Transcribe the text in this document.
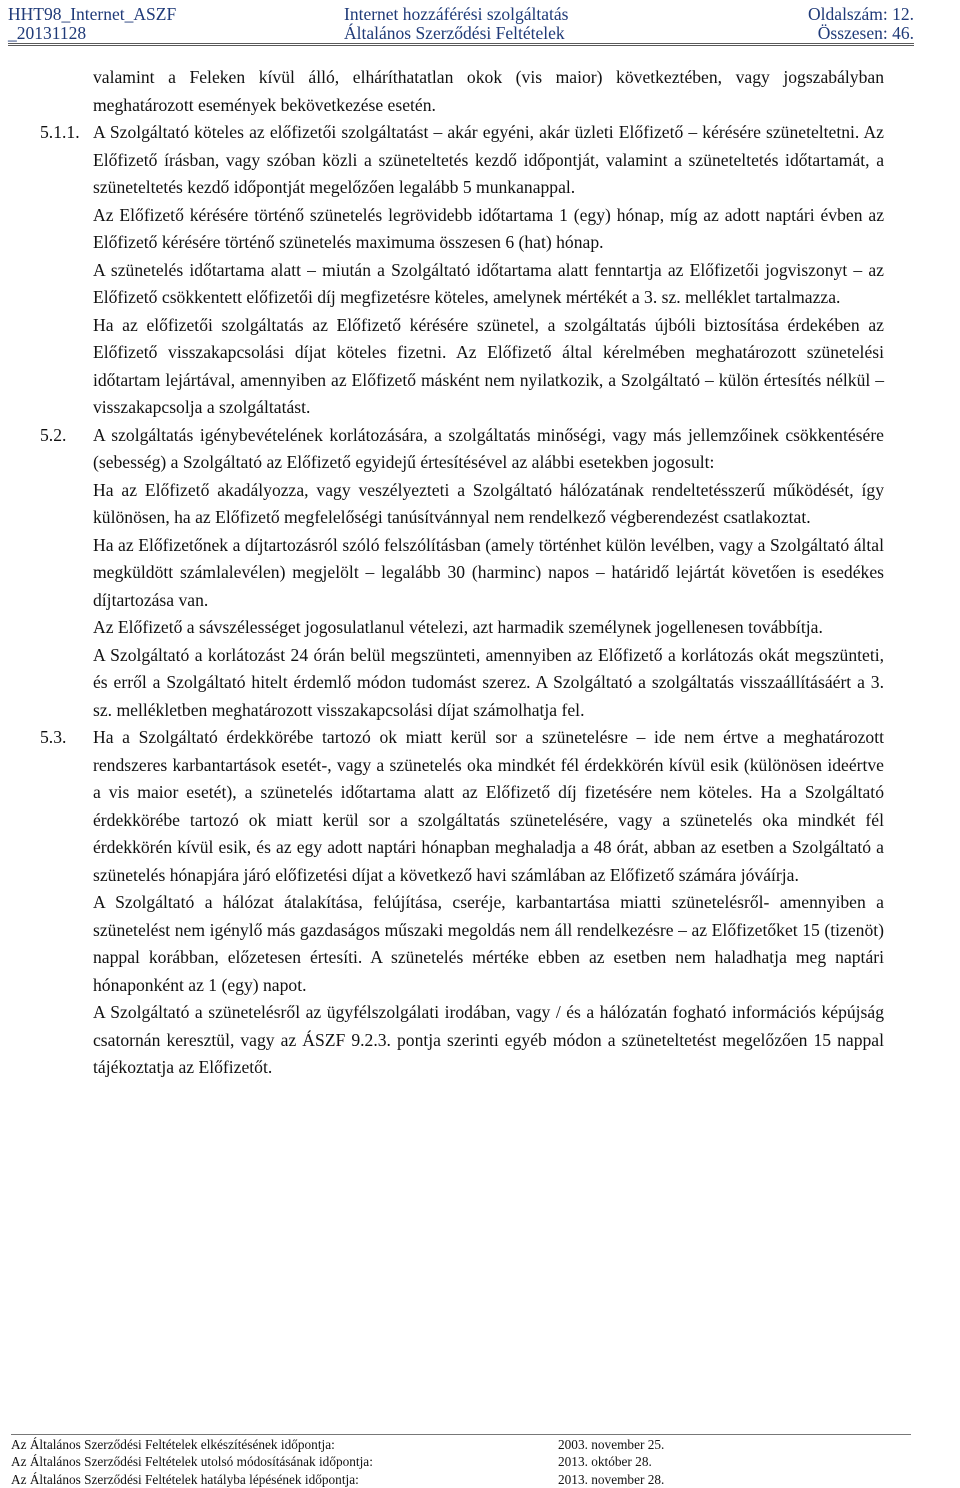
HHT98_Internet_ASZF
_20131128
Internet hozzáférési szolgáltatás
Általános Szerződési Feltételek
Oldalszám: 12.
Összesen: 46.

valamint a Feleken kívül álló, elháríthatatlan okok (vis maior) következtében, vagy jogszabályban meghatározott események bekövetkezése esetén.

5.1.1. A Szolgáltató köteles az előfizetői szolgáltatást – akár egyéni, akár üzleti Előfizető – kérésére szüneteltetni. Az Előfizető írásban, vagy szóban közli a szüneteltetés kezdő időpontját, valamint a szüneteltetés időtartamát, a szüneteltetés kezdő időpontját megelőzően legalább 5 munkanappal.

Az Előfizető kérésére történő szünetelés legrövidebb időtartama 1 (egy) hónap, míg az adott naptári évben az Előfizető kérésére történő szünetelés maximuma összesen 6 (hat) hónap.

A szünetelés időtartama alatt – miután a Szolgáltató időtartama alatt fenntartja az Előfizetői jogviszonyt – az Előfizető csökkentett előfizetői díj megfizetésre köteles, amelynek mértékét a 3. sz. melléklet tartalmazza.

Ha az előfizetői szolgáltatás az Előfizető kérésére szünetel, a szolgáltatás újbóli biztosítása érdekében az Előfizető visszakapcsolási díjat köteles fizetni. Az Előfizető által kérelmében meghatározott szünetelési időtartam lejártával, amennyiben az Előfizető másként nem nyilatkozik, a Szolgáltató – külön értesítés nélkül – visszakapcsolja a szolgáltatást.

5.2.	A szolgáltatás igénybevételének korlátozására, a szolgáltatás minőségi, vagy más jellemzőinek csökkentésére (sebesség) a Szolgáltató az Előfizető egyidejű értesítésével az alábbi esetekben jogosult:

Ha az Előfizető akadályozza, vagy veszélyezteti a Szolgáltató hálózatának rendeltetésszerű működését, így különösen, ha az Előfizető megfelelőségi tanúsítvánnyal nem rendelkező végberendezést csatlakoztat.

Ha az Előfizetőnek a díjtartozásról szóló felszólításban (amely történhet külön levélben, vagy a Szolgáltató által megküldött számlalevélen) megjelölt – legalább 30 (harminc) napos – határidő lejártát követően is esedékes díjtartozása van.

Az Előfizető a sávszélességet jogosulatlanul vételezi, azt harmadik személynek jogellenesen továbbítja.

A Szolgáltató a korlátozást 24 órán belül megszünteti, amennyiben az Előfizető a korlátozás okát megszünteti, és erről a Szolgáltató hitelt érdemlő módon tudomást szerez. A Szolgáltató a szolgáltatás visszaállításáért a 3. sz. mellékletben meghatározott visszakapcsolási díjat számolhatja fel.

5.3.	Ha a Szolgáltató érdekkörébe tartozó ok miatt kerül sor a szünetelésre – ide nem értve a meghatározott rendszeres karbantartások esetét-, vagy a szünetelés oka mindkét fél érdekkörén kívül esik (különösen ideértve a vis maior esetét), a szünetelés időtartama alatt az Előfizető díj fizetésére nem köteles. Ha a Szolgáltató érdekkörébe tartozó ok miatt kerül sor a szolgáltatás szünetelésére, vagy a szünetelés oka mindkét fél érdekkörén kívül esik, és az egy adott naptári hónapban meghaladja a 48 órát, abban az esetben a Szolgáltató a szünetelés hónapjára járó előfizetési díjat a következő havi számlában az Előfizető számára jóváírja.

A Szolgáltató a hálózat átalakítása, felújítása, cseréje, karbantartása miatti szünetelésről- amennyiben a szünetelést nem igénylő más gazdaságos műszaki megoldás nem áll rendelkezésre – az Előfizetőket 15 (tizenöt) nappal korábban, előzetesen értesíti. A szünetelés mértéke ebben az esetben nem haladhatja meg naptári hónaponként az 1 (egy) napot.

A Szolgáltató a szünetelésről az ügyfélszolgálati irodában, vagy / és a hálózatán fogható információs képújság csatornán keresztül, vagy az ÁSZF 9.2.3. pontja szerinti egyéb módon a szüneteltetést megelőzően 15 nappal tájékoztatja az Előfizetőt.

Az Általános Szerződési Feltételek elkészítésének időpontja:	2003. november 25.
Az Általános Szerződési Feltételek utolsó módosításának időpontja:	2013. október 28.
Az Általános Szerződési Feltételek hatályba lépésének időpontja:	2013. november 28.
